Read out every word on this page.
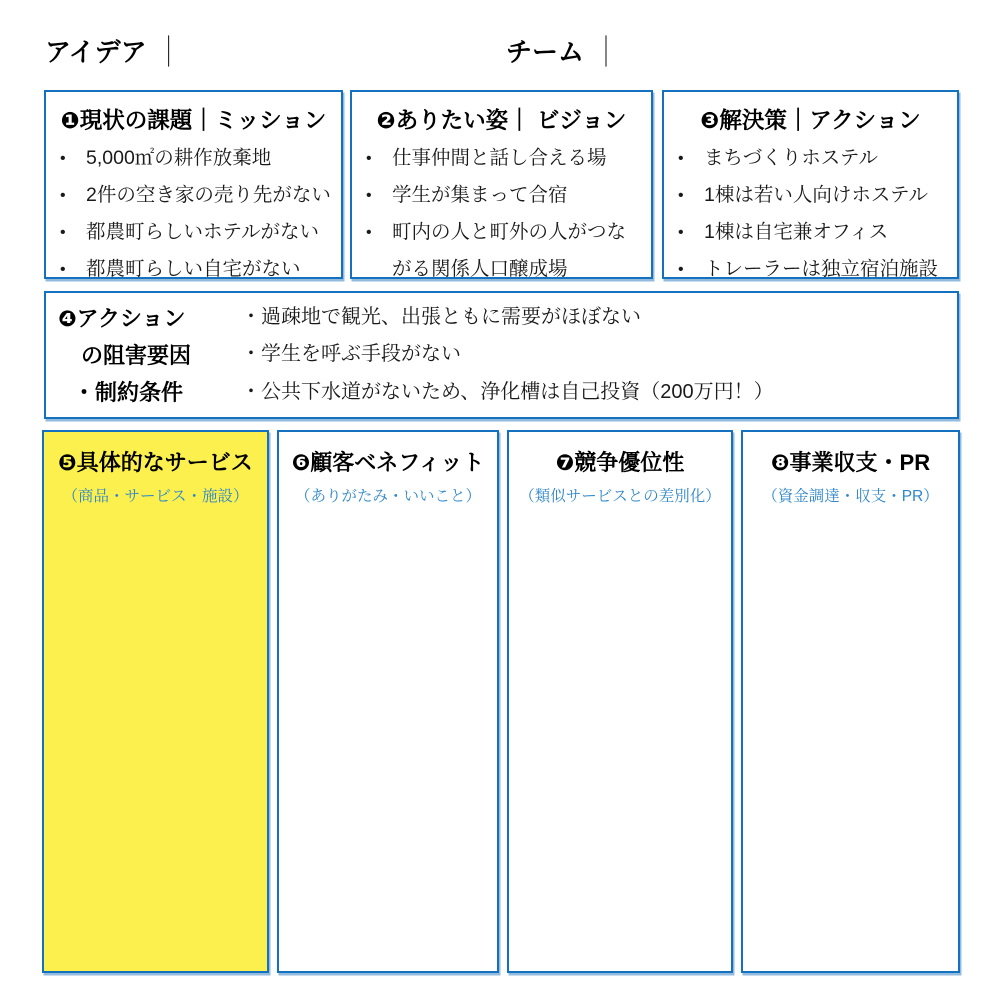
アイデア ｜	チーム ｜
❶現状の課題｜ミッション
•	5,000㎡の耕作放棄地
•	2件の空き家の売り先がない
•	都農町らしいホテルがない
•	都農町らしい自宅がない
❷ありたい姿｜ ビジョン
•	仕事仲間と話し合える場
•	学生が集まって合宿
•	町内の人と町外の人がつながる関係人口醸成場
❸解決策｜アクション
•	まちづくりホステル
•	1棟は若い人向けホステル
•	1棟は自宅兼オフィス
•	トレーラーは独立宿泊施設
❹アクション
の阻害要因
・制約条件
・過疎地で観光、出張ともに需要がほぼない
・学生を呼ぶ手段がない
・公共下水道がないため、浄化槽は自己投資（200万円！）
❺具体的なサービス
（商品・サービス・施設）
❻顧客ベネフィット
（ありがたみ・いいこと）
❼競争優位性
（類似サービスとの差別化）
❽事業収支・PR
（資金調達・収支・PR）
